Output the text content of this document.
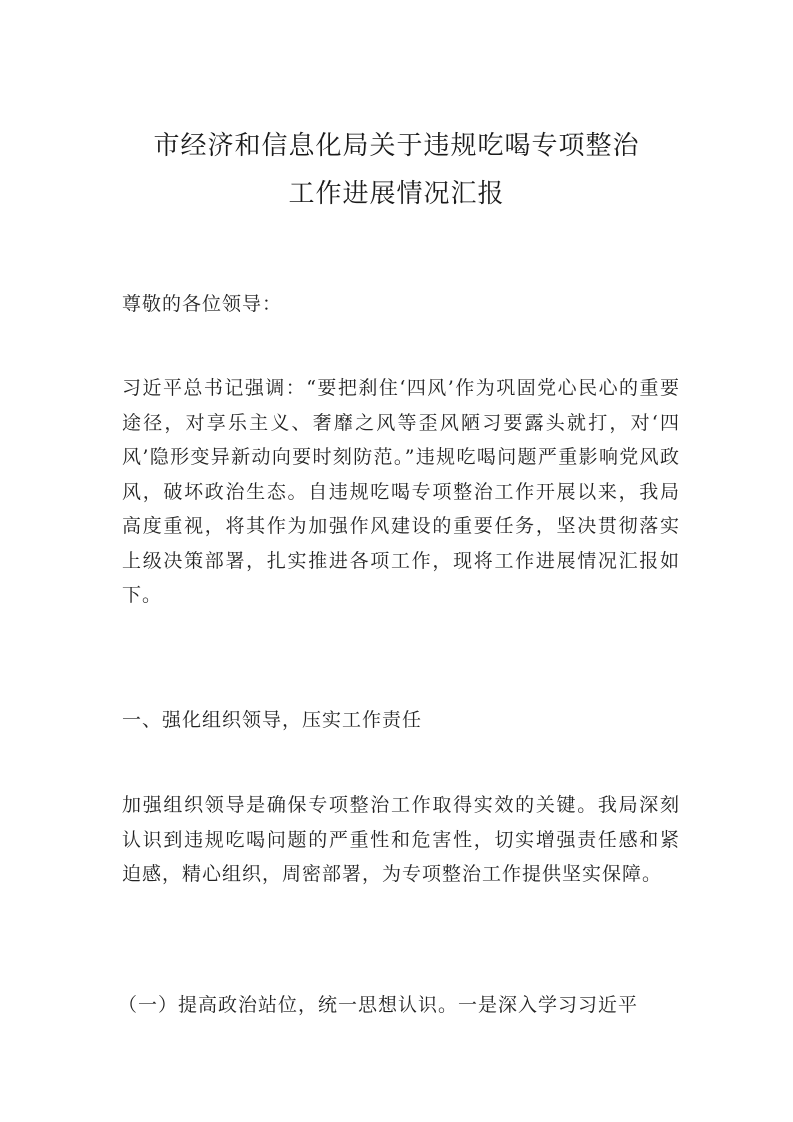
市经济和信息化局关于违规吃喝专项整治
工作进展情况汇报
尊敬的各位领导：
习近平总书记强调：“要把刹住‘四风’作为巩固党心民心的重要途径，对享乐主义、奢靡之风等歪风陋习要露头就打，对‘四风’隐形变异新动向要时刻防范。”违规吃喝问题严重影响党风政风，破坏政治生态。自违规吃喝专项整治工作开展以来，我局高度重视，将其作为加强作风建设的重要任务，坚决贯彻落实上级决策部署，扎实推进各项工作，现将工作进展情况汇报如下。
一、强化组织领导，压实工作责任
加强组织领导是确保专项整治工作取得实效的关键。我局深刻认识到违规吃喝问题的严重性和危害性，切实增强责任感和紧迫感，精心组织，周密部署，为专项整治工作提供坚实保障。
（一）提高政治站位，统一思想认识。一是深入学习习近平
